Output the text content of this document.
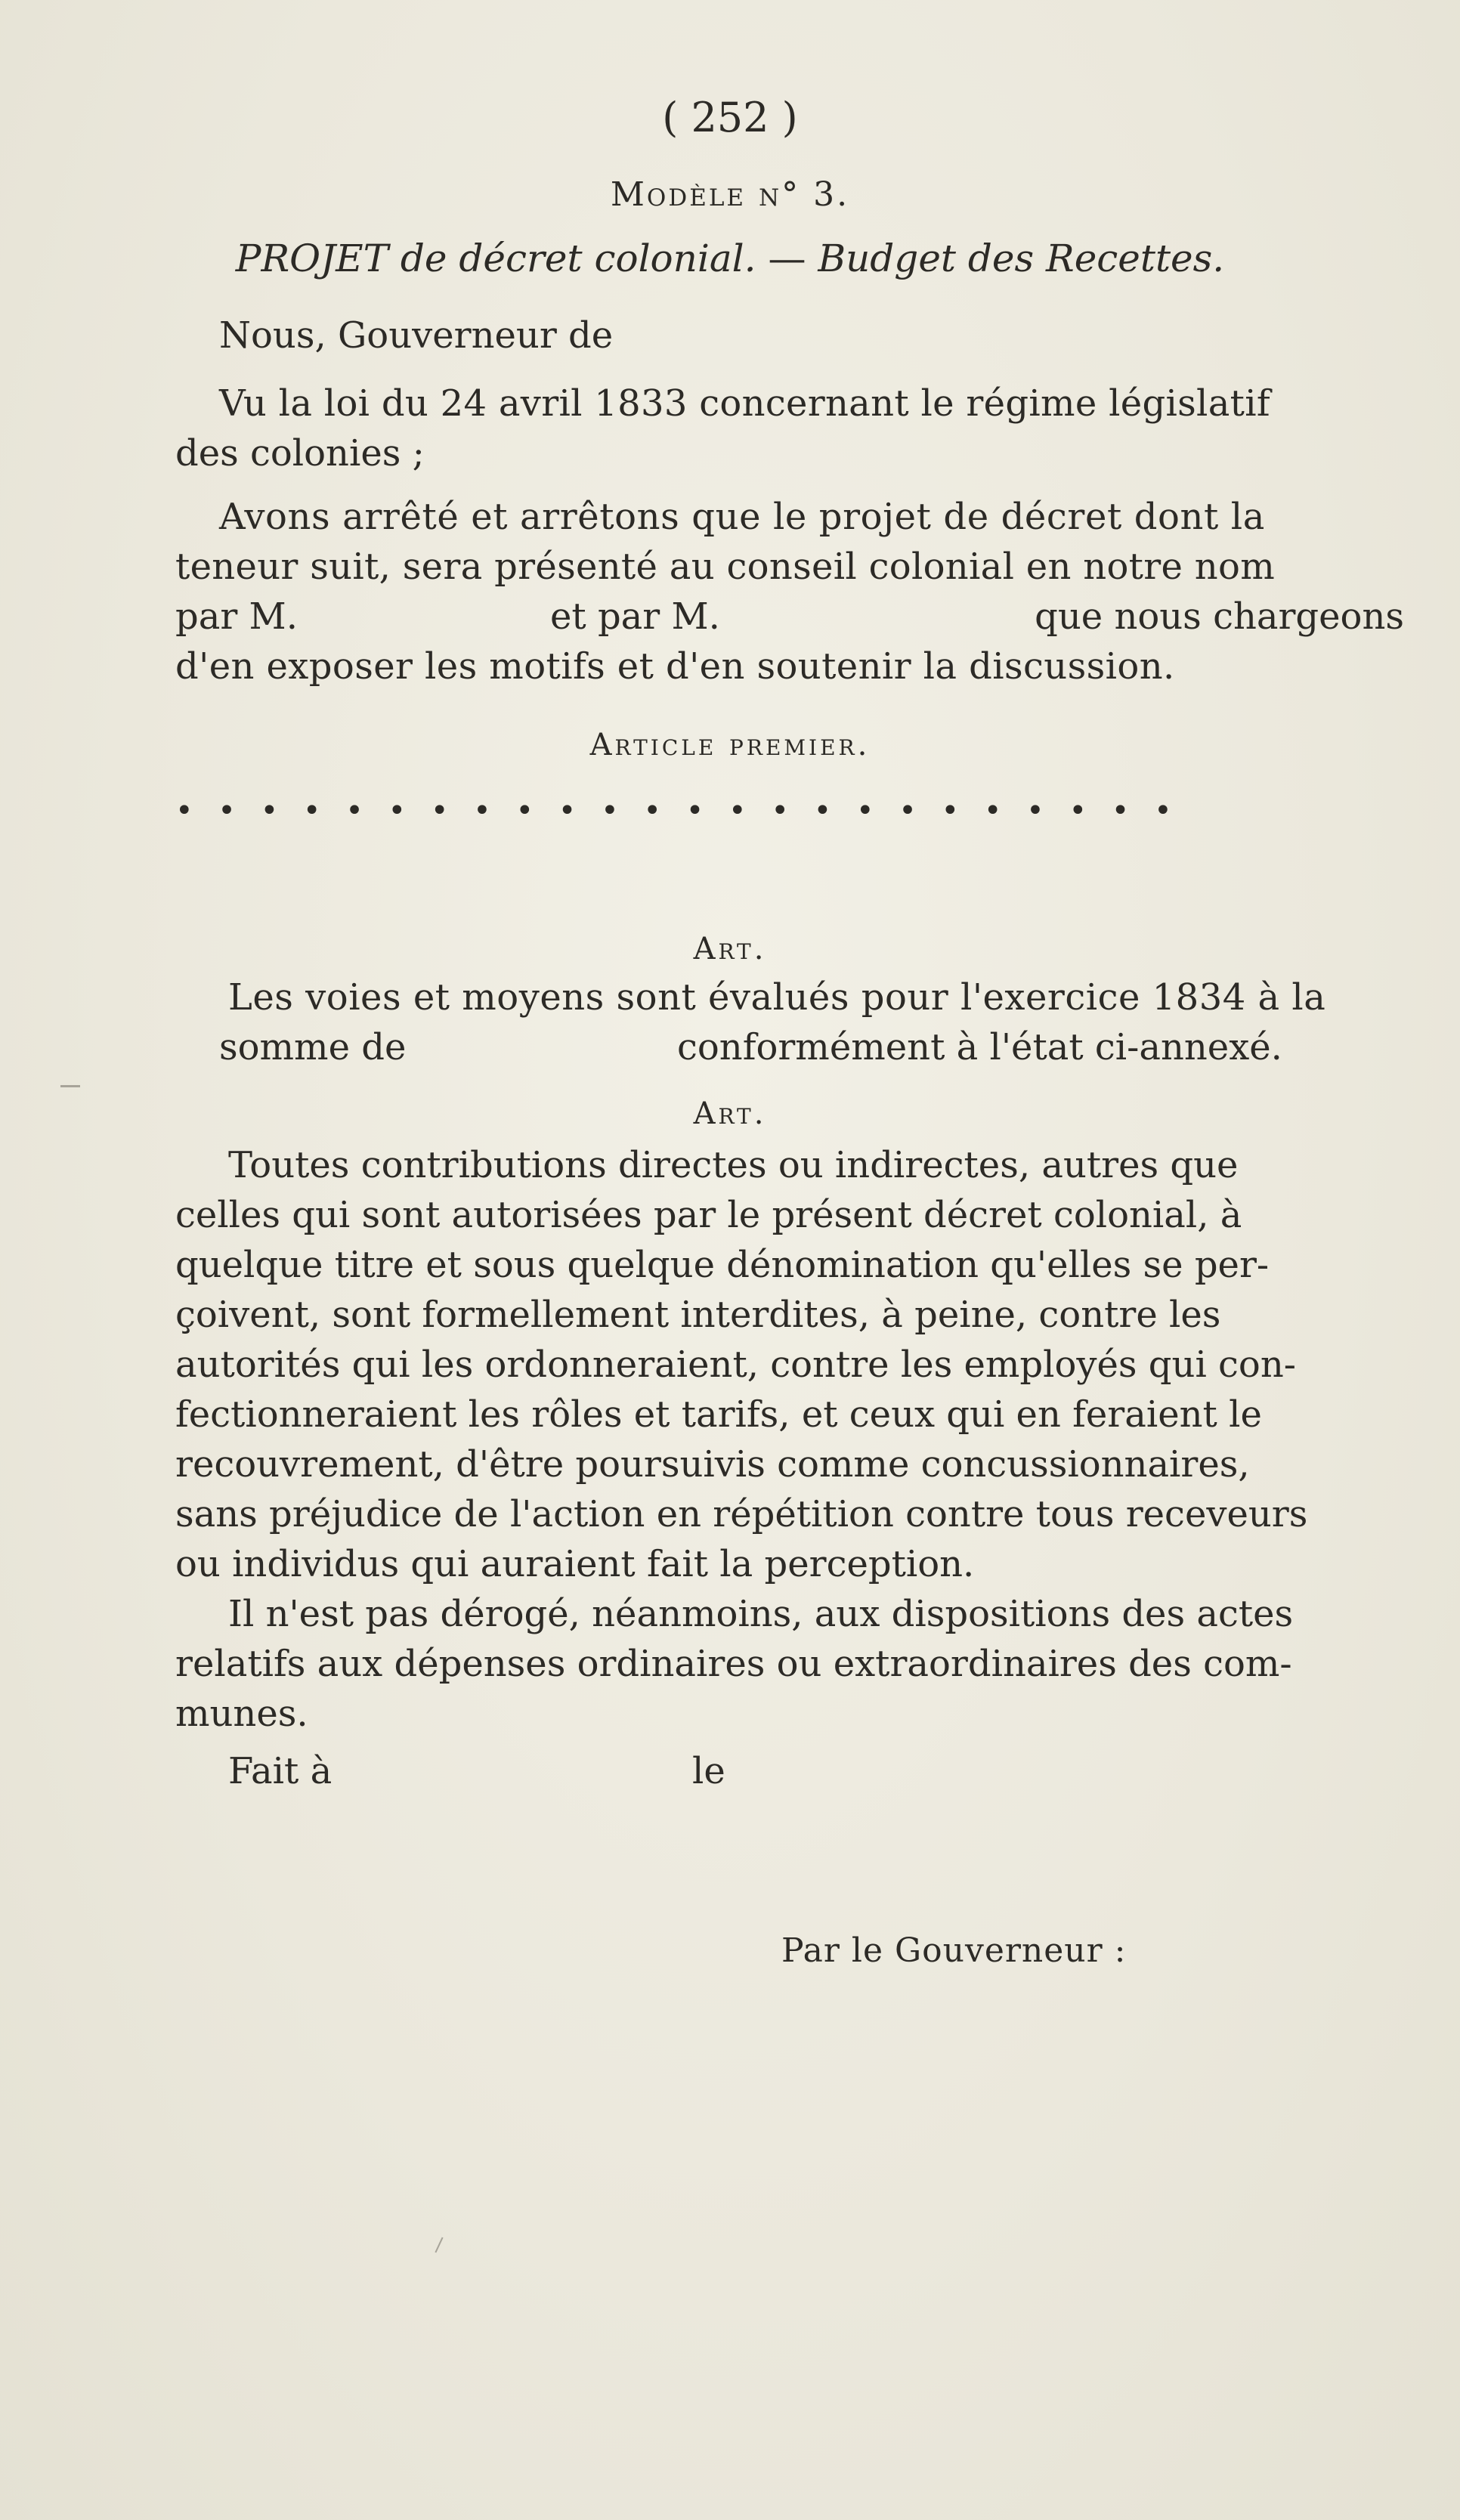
( 252 )
Modèle n° 3.
PROJET de décret colonial. — Budget des Recettes.
Nous, Gouverneur de
Vu la loi du 24 avril 1833 concernant le régime législatif
des colonies ;
Avons arrêté et arrêtons que le projet de décret dont la
teneur suit, sera présenté au conseil colonial en notre nom
par M.	et par M.	que nous chargeons
d'en exposer les motifs et d'en soutenir la discussion.
Article premier.
• • • • • • • • • • • • • • • • • • • • • • • •
Art.
Les voies et moyens sont évalués pour l'exercice 1834 à la
somme de	conformément à l'état ci-annexé.
Art.
Toutes contributions directes ou indirectes, autres que
celles qui sont autorisées par le présent décret colonial, à
quelque titre et sous quelque dénomination qu'elles se per-
çoivent, sont formellement interdites, à peine, contre les
autorités qui les ordonneraient, contre les employés qui con-
fectionneraient les rôles et tarifs, et ceux qui en feraient le
recouvrement, d'être poursuivis comme concussionnaires,
sans préjudice de l'action en répétition contre tous receveurs
ou individus qui auraient fait la perception.
Il n'est pas dérogé, néanmoins, aux dispositions des actes
relatifs aux dépenses ordinaires ou extraordinaires des com-
munes.
Fait à	le
Par le Gouverneur :
